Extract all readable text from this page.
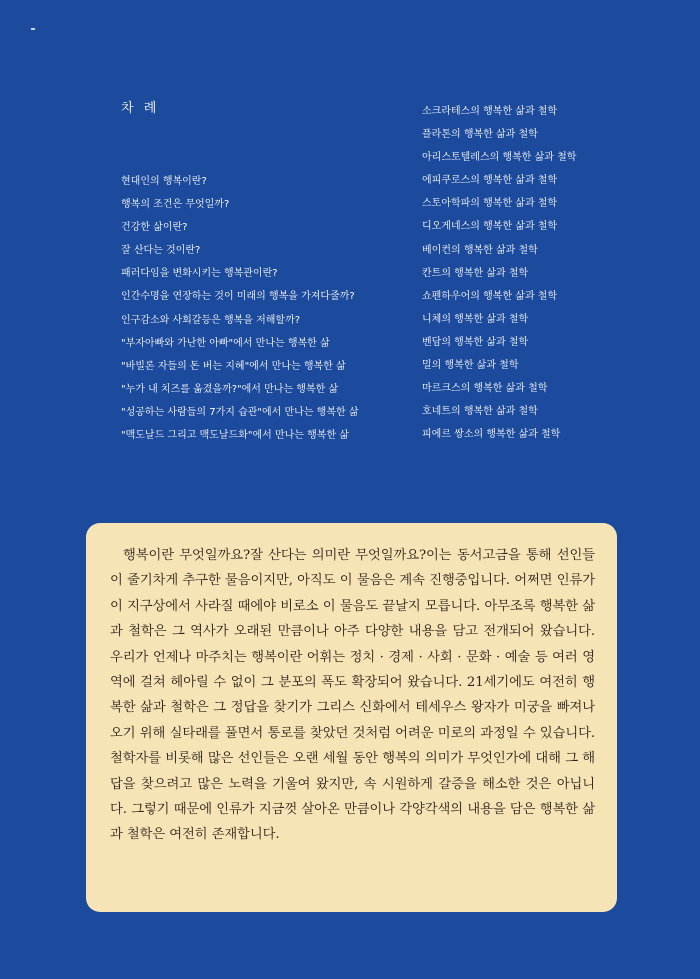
차 례
현대인의 행복이란?
행복의 조건은 무엇일까?
건강한 삶이란?
잘 산다는 것이란?
패러다임을 변화시키는 행복관이란?
인간수명을 연장하는 것이 미래의 행복을 가져다줄까?
인구감소와 사회갈등은 행복을 저해할까?
"부자아빠와 가난한 아빠"에서 만나는 행복한 삶
"바빌론 자들의 돈 버는 지혜"에서 만나는 행복한 삶
"누가 내 치즈를 옮겼을까?"에서 만나는 행복한 삶
"성공하는 사람들의 7가지 습관"에서 만나는 행복한 삶
"맥도날드 그리고 맥도날드화"에서 만나는 행복한 삶
소크라테스의 행복한 삶과 철학
플라톤의 행복한 삶과 철학
아리스토텔레스의 행복한 삶과 철학
에피쿠로스의 행복한 삶과 철학
스토아학파의 행복한 삶과 철학
디오게네스의 행복한 삶과 철학
베이컨의 행복한 삶과 철학
칸트의 행복한 삶과 철학
쇼펜하우어의 행복한 삶과 철학
니체의 행복한 삶과 철학
벤담의 행복한 삶과 철학
밀의 행복한 삶과 철학
마르크스의 행복한 삶과 철학
호네트의 행복한 삶과 철학
피에르 쌍소의 행복한 삶과 철학

행복이란 무엇일까요?잘 산다는 의미란 무엇일까요?이는 동서고금을 통해 선인들이 줄기차게 추구한 물음이지만, 아직도 이 물음은 계속 진행중입니다. 어쩌면 인류가 이 지구상에서 사라질 때에야 비로소 이 물음도 끝날지 모릅니다. 아무조록 행복한 삶과 철학은 그 역사가 오래된 만큼이나 아주 다양한 내용을 담고 전개되어 왔습니다. 우리가 언제나 마주치는 행복이란 어휘는 정치 · 경제 · 사회 · 문화 · 예술 등 여러 영역에 걸쳐 헤아릴 수 없이 그 분포의 폭도 확장되어 왔습니다. 21세기에도 여전히 행복한 삶과 철학은 그 정답을 찾기가 그리스 신화에서 테세우스 왕자가 미궁을 빠져나오기 위해 실타래를 풀면서 통로를 찾았던 것처럼 어려운 미로의 과정일 수 있습니다. 철학자를 비롯해 많은 선인들은 오랜 세월 동안 행복의 의미가 무엇인가에 대해 그 해답을 찾으려고 많은 노력을 기울여 왔지만, 속 시원하게 갈증을 해소한 것은 아닙니다. 그렇기 때문에 인류가 지금껏 살아온 만큼이나 각양각색의 내용을 담은 행복한 삶과 철학은 여전히 존재합니다.
